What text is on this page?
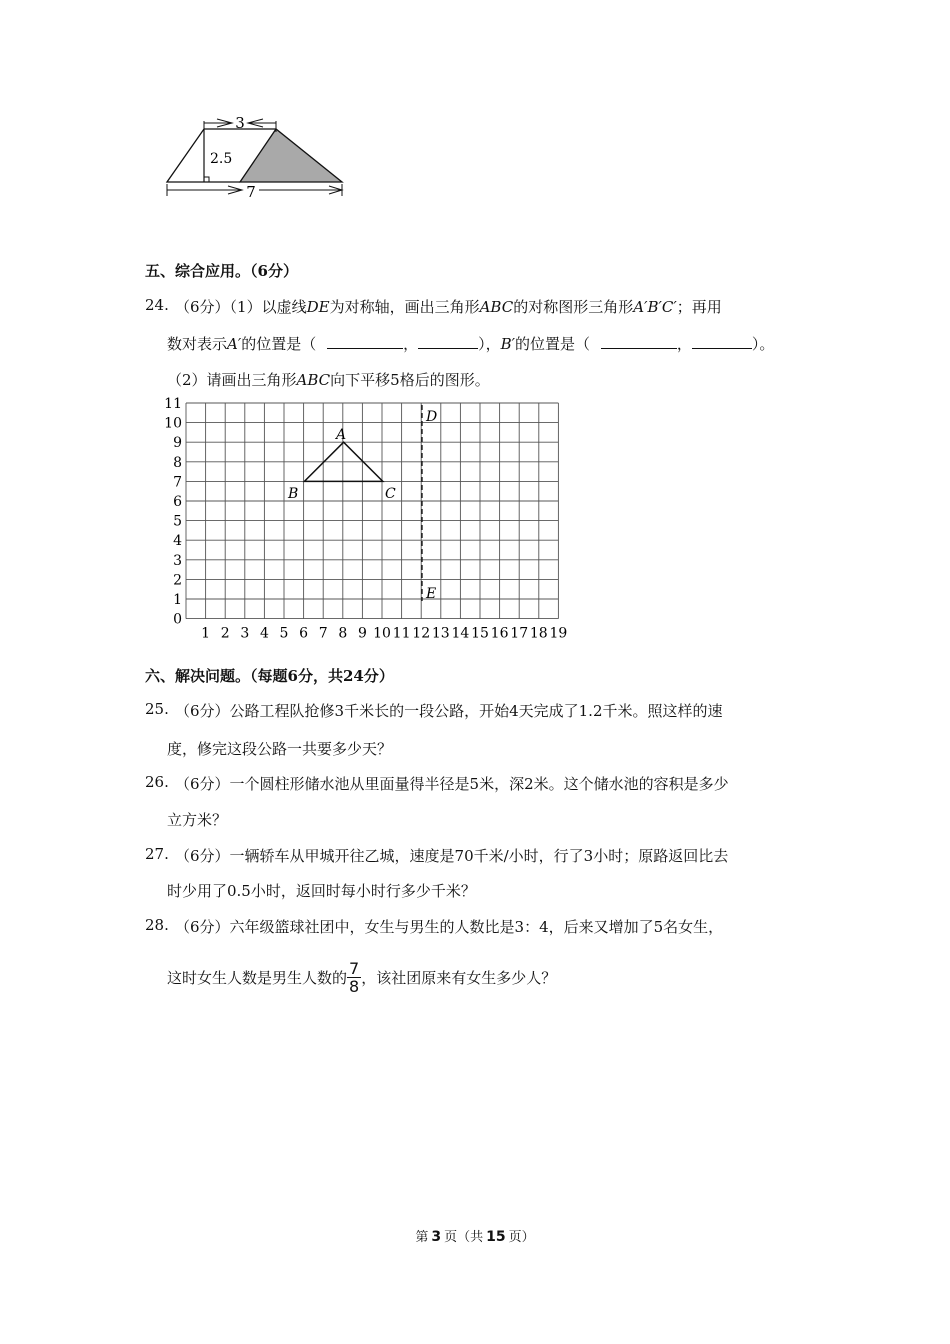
3
2.5
7
五、综合应用。（6分）
24. （6分）（1）以虚线DE为对称轴，画出三角形ABC的对称图形三角形A′B′C′；再用
数对表示A′的位置是（	，	），B′的位置是（	，	）。
（2）请画出三角形ABC向下平移5格后的图形。
11
10
9
8
7
6
5
4
3
2
1
0
1 2 3 4 5 6 7 8 9 10 11 12 13 14 15 16 17 18 19
A
B	C
D
E
六、解决问题。（每题6分，共24分）
25. （6分）公路工程队抢修3千米长的一段公路，开始4天完成了1.2千米。照这样的速
度，修完这段公路一共要多少天？
26. （6分）一个圆柱形储水池从里面量得半径是5米，深2米。这个储水池的容积是多少
立方米？
27. （6分）一辆轿车从甲城开往乙城，速度是70千米/小时，行了3小时；原路返回比去
时少用了0.5小时，返回时每小时行多少千米？
28. （6分）六年级篮球社团中，女生与男生的人数比是3：4，后来又增加了5名女生，
这时女生人数是男生人数的 $\frac{7}{8}$ ，该社团原来有女生多少人？
第 3 页（共 15 页）
